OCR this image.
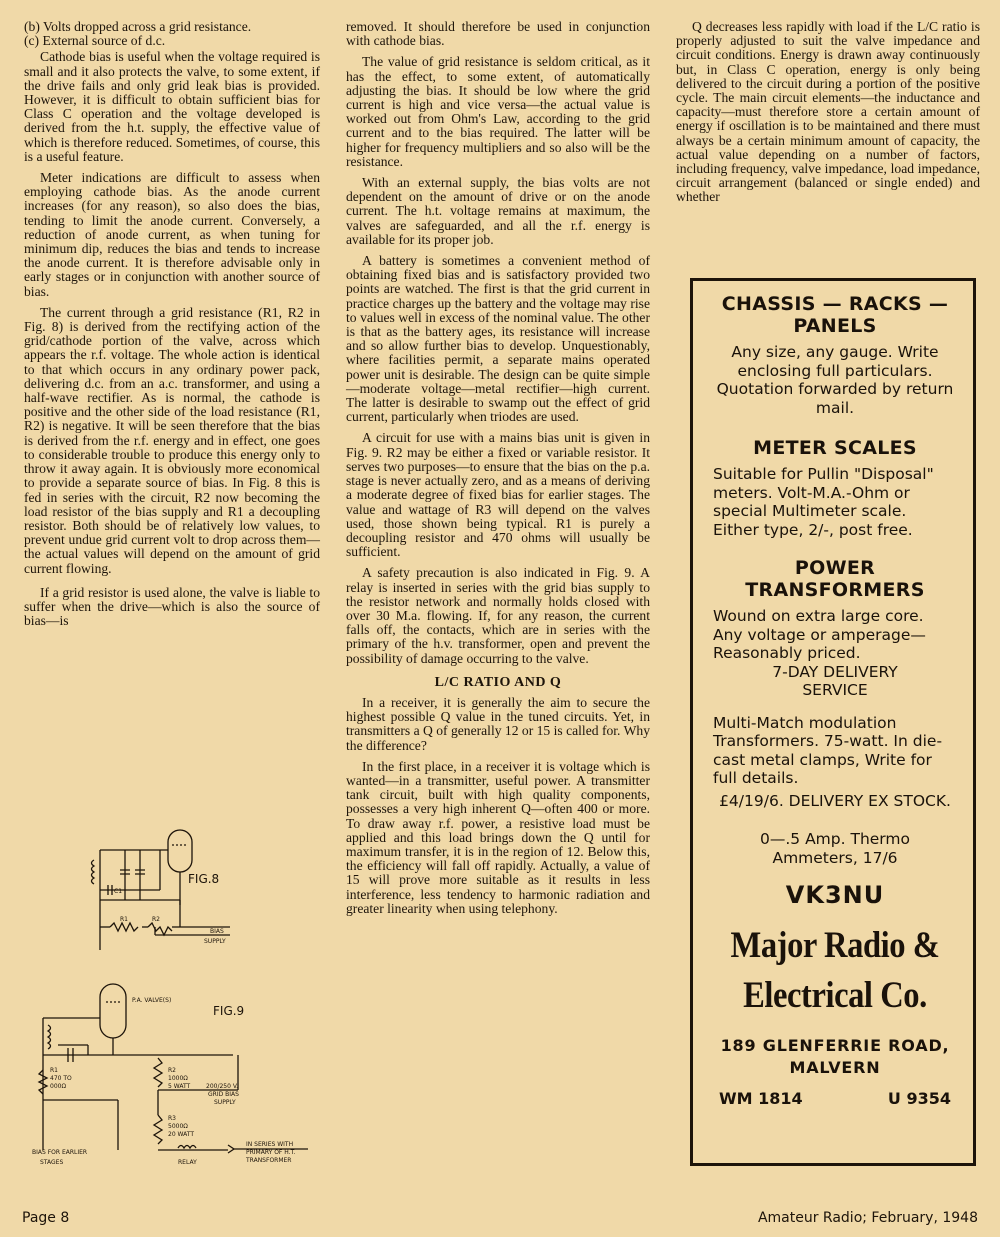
(b) Volts dropped across a grid resistance.

(c) External source of d.c.

Cathode bias is useful when the voltage required is small and it also protects the valve, to some extent, if the drive fails and only grid leak bias is provided. However, it is difficult to obtain sufficient bias for Class C operation and the voltage developed is derived from the h.t. supply, the effective value of which is therefore reduced. Sometimes, of course, this is a useful feature.

Meter indications are difficult to assess when employing cathode bias. As the anode current increases (for any reason), so also does the bias, tending to limit the anode current. Conversely, a reduction of anode current, as when tuning for minimum dip, reduces the bias and tends to increase the anode current. It is therefore advisable only in early stages or in conjunction with another source of bias.

The current through a grid resistance (R1, R2 in Fig. 8) is derived from the rectifying action of the grid/cathode portion of the valve, across which appears the r.f. voltage. The whole action is identical to that which occurs in any ordinary power pack, delivering d.c. from an a.c. transformer, and using a half-wave rectifier. As is normal, the cathode is positive and the other side of the load resistance (R1, R2) is negative. It will be seen therefore that the bias is derived from the r.f. energy and in effect, one goes to considerable trouble to produce this energy only to throw it away again. It is obviously more economical to provide a separate source of bias. In Fig. 8 this is fed in series with the circuit, R2 now becoming the load resistor of the bias supply and R1 a decoupling resistor. Both should be of relatively low values, to prevent undue grid current volt to drop across them—the actual values will depend on the amount of grid current flowing.

If a grid resistor is used alone, the valve is liable to suffer when the drive—which is also the source of bias—is

FIG.8
C1
R1	R2
BIAS
SUPPLY
FIG.9
P.A. VALVE(S)
R1
470 TO
000Ω
R2
1000Ω
5 WATT
R3
5000Ω
20 WATT
200/250 V.
GRID BIAS
SUPPLY
BIAS FOR EARLIER
STAGES	RELAY
IN SERIES WITH
PRIMARY OF H.T.
TRANSFORMER

removed. It should therefore be used in conjunction with cathode bias.

The value of grid resistance is seldom critical, as it has the effect, to some extent, of automatically adjusting the bias. It should be low where the grid current is high and vice versa—the actual value is worked out from Ohm's Law, according to the grid current and to the bias required. The latter will be higher for frequency multipliers and so also will be the resistance.

With an external supply, the bias volts are not dependent on the amount of drive or on the anode current. The h.t. voltage remains at maximum, the valves are safeguarded, and all the r.f. energy is available for its proper job.

A battery is sometimes a convenient method of obtaining fixed bias and is satisfactory provided two points are watched. The first is that the grid current in practice charges up the battery and the voltage may rise to values well in excess of the nominal value. The other is that as the battery ages, its resistance will increase and so allow further bias to develop. Unquestionably, where facilities permit, a separate mains operated power unit is desirable. The design can be quite simple—moderate voltage—metal rectifier—high current. The latter is desirable to swamp out the effect of grid current, particularly when triodes are used.

A circuit for use with a mains bias unit is given in Fig. 9. R2 may be either a fixed or variable resistor. It serves two purposes—to ensure that the bias on the p.a. stage is never actually zero, and as a means of deriving a moderate degree of fixed bias for earlier stages. The value and wattage of R3 will depend on the valves used, those shown being typical. R1 is purely a decoupling resistor and 470 ohms will usually be sufficient.

A safety precaution is also indicated in Fig. 9. A relay is inserted in series with the grid bias supply to the resistor network and normally holds closed with over 30 M.a. flowing. If, for any reason, the current falls off, the contacts, which are in series with the primary of the h.v. transformer, open and prevent the possibility of damage occurring to the valve.

L/C RATIO AND Q

In a receiver, it is generally the aim to secure the highest possible Q value in the tuned circuits. Yet, in transmitters a Q of generally 12 or 15 is called for. Why the difference?

In the first place, in a receiver it is voltage which is wanted—in a transmitter, useful power. A transmitter tank circuit, built with high quality components, possesses a very high inherent Q—often 400 or more. To draw away r.f. power, a resistive load must be applied and this load brings down the Q until for maximum transfer, it is in the region of 12. Below this, the efficiency will fall off rapidly. Actually, a value of 15 will prove more suitable as it results in less interference, less tendency to harmonic radiation and greater linearity when using telephony.

Q decreases less rapidly with load if the L/C ratio is properly adjusted to suit the valve impedance and circuit conditions. Energy is drawn away continuously but, in Class C operation, energy is only being delivered to the circuit during a portion of the positive cycle. The main circuit elements—the inductance and capacity—must therefore store a certain amount of energy if oscillation is to be maintained and there must always be a certain minimum amount of capacity, the actual value depending on a number of factors, including frequency, valve impedance, load impedance, circuit arrangement (balanced or single ended) and whether

CHASSIS — RACKS — PANELS
Any size, any gauge. Write enclosing full particulars. Quotation forwarded by return mail.
METER SCALES
Suitable for Pullin "Disposal" meters. Volt-M.A.-Ohm or special Multimeter scale.
Either type, 2/-, post free.
POWER TRANSFORMERS
Wound on extra large core. Any voltage or amperage—Reasonably priced.
7-DAY DELIVERY SERVICE
Multi-Match modulation Transformers. 75-watt. In die-cast metal clamps, Write for full details.
£4/19/6. DELIVERY EX STOCK.
0—.5 Amp. Thermo Ammeters, 17/6
VK3NU
Major Radio &
Electrical Co.
189 GLENFERRIE ROAD,
MALVERN
WM 1814	U 9354
Page 8	Amateur Radio; February, 1948
